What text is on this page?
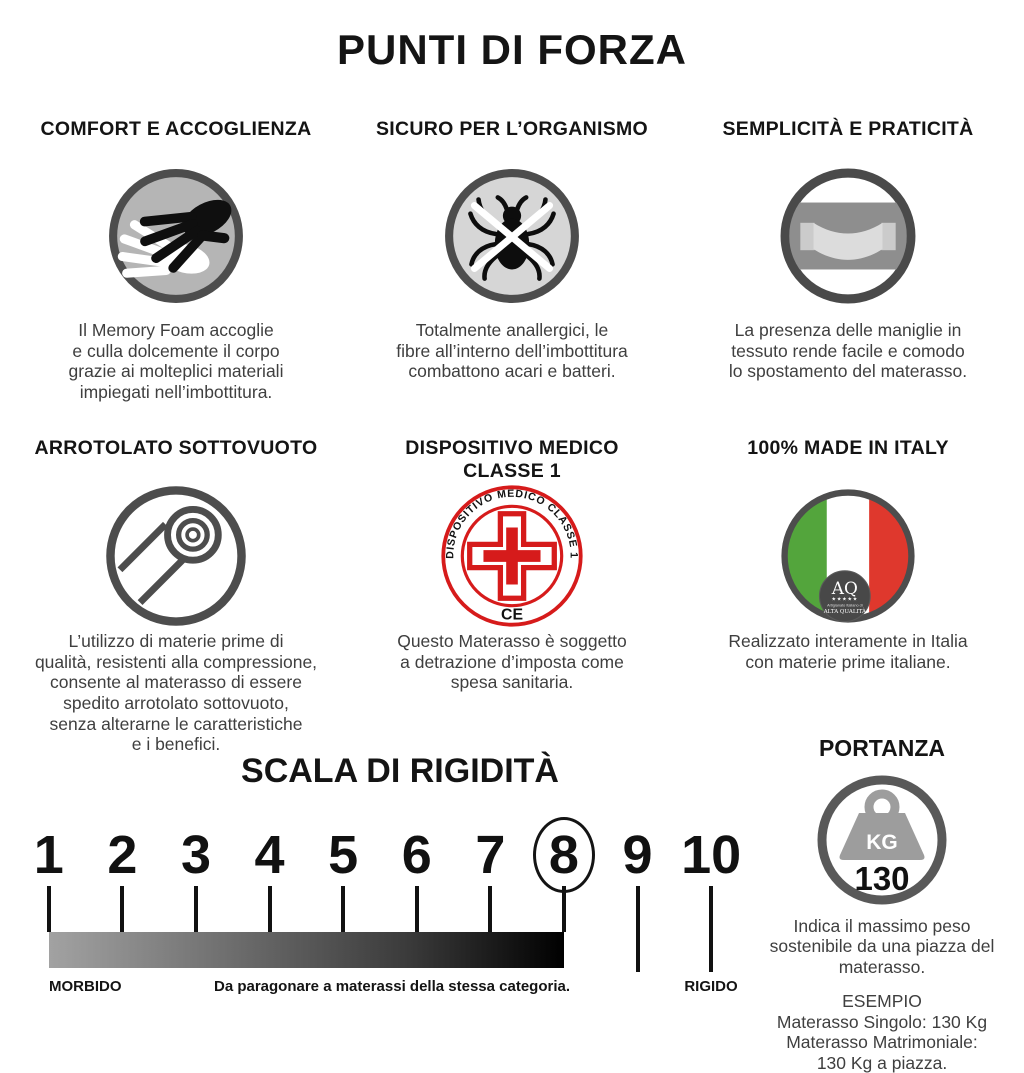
PUNTI DI FORZA
COMFORT E ACCOGLIENZA

Il Memory Foam accoglie
e culla dolcemente il corpo
grazie ai molteplici materiali
impiegati nell’imbottitura.

SICURO PER L’ORGANISMO

Totalmente anallergici, le
fibre all’interno dell’imbottitura
combattono acari e batteri.

SEMPLICITÀ E PRATICITÀ

La presenza delle maniglie in
tessuto rende facile e comodo
lo spostamento del materasso.

ARROTOLATO SOTTOVUOTO

L’utilizzo di materie prime di
qualità, resistenti alla compressione,
consente al materasso di essere
spedito arrotolato sottovuoto,
senza alterarne le caratteristiche
e i benefici.

DISPOSITIVO MEDICO
CLASSE 1
DISPOSITIVO MEDICO CLASSE 1
CE

Questo Materasso è soggetto
a detrazione d’imposta come
spesa sanitaria.

100% MADE IN ITALY
AQ
★★★★★
Artigianato Italiano di
ALTA QUALITÀ

Realizzato interamente in Italia
con materie prime italiane.

SCALA DI RIGIDITÀ
1 2 3 4 5 6 7 8 9 10
MORBIDO	Da paragonare a materassi della stessa categoria.	RIGIDO
PORTANZA
KG
130

Indica il massimo peso
sostenibile da una piazza del
materasso.

ESEMPIO
Materasso Singolo: 130 Kg
Materasso Matrimoniale:
130 Kg a piazza.
